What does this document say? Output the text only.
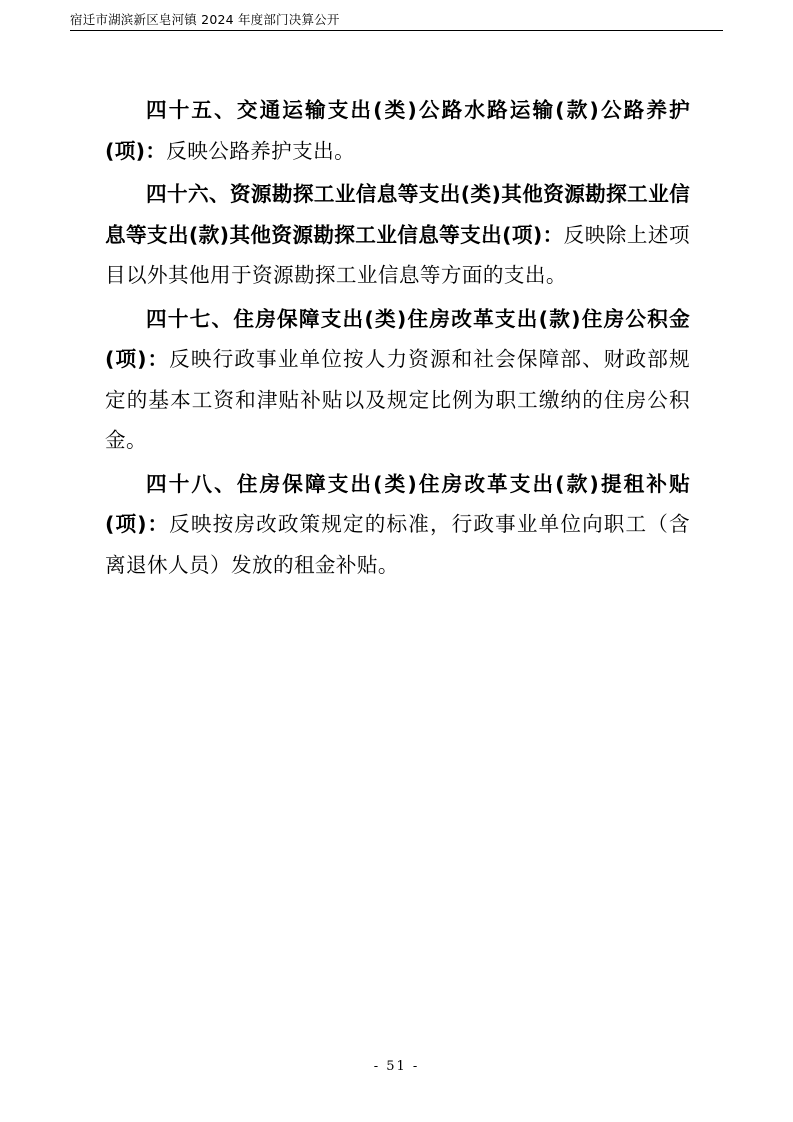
宿迁市湖滨新区皂河镇 2024 年度部门决算公开

四十五、交通运输支出(类)公路水路运输(款)公路养护(项)：反映公路养护支出。

四十六、资源勘探工业信息等支出(类)其他资源勘探工业信息等支出(款)其他资源勘探工业信息等支出(项)：反映除上述项目以外其他用于资源勘探工业信息等方面的支出。

四十七、住房保障支出(类)住房改革支出(款)住房公积金(项)：反映行政事业单位按人力资源和社会保障部、财政部规定的基本工资和津贴补贴以及规定比例为职工缴纳的住房公积金。

四十八、住房保障支出(类)住房改革支出(款)提租补贴(项)：反映按房改政策规定的标准，行政事业单位向职工（含离退休人员）发放的租金补贴。

- 51 -
